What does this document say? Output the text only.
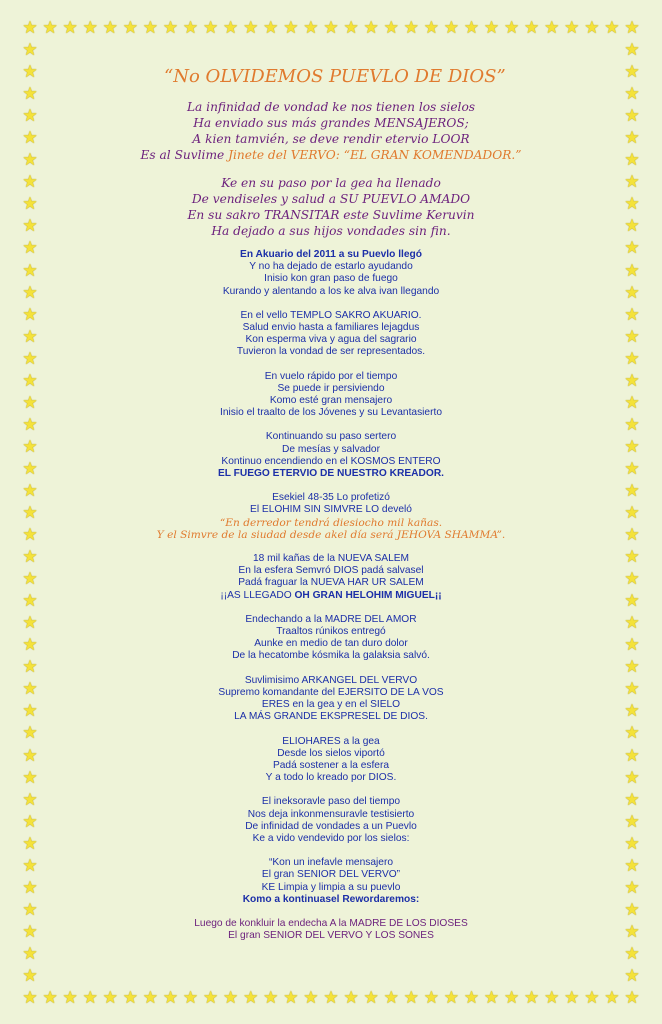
★
★
★
★
★
★
★
★
★
★
★
★
★
★
★
★
★
★
★
★
★
★
★
★
★
★
★
★
★
★
★
★
★
★
★
★
★
★
★
★
★
★
★
★
★
★
★
★
★
★
★
★
★
★
★
★
★
★
★
★
★
★
★	★
★	★
★	★
★	★
★	★
★	★
★	★
★	★
★	★
★	★
★	★
★	★
★	★
★	★
★	★
★	★
★	★
★	★
★	★
★	★
★	★
★	★
★	★
★	★
★	★
★	★
★	★
★	★
★	★
★	★
★	★
★	★
★	★
★	★
★	★
★	★
★	★
★	★
★	★
★	★
★	★
★	★
★	★
“No OLVIDEMOS PUEVLO DE DIOS”
La infinidad de vondad ke nos tienen los sielos
Ha enviado sus más grandes MENSAJEROS;
A kien tamvién, se deve rendir etervio LOOR
Es al Suvlime Jinete del VERVO: “EL GRAN KOMENDADOR.”
Ke en su paso por la gea ha llenado
De vendiseles y salud a SU PUEVLO AMADO
En su sakro TRANSITAR este Suvlime Keruvin
Ha dejado a sus hijos vondades sin fin.
En Akuario del 2011 a su Puevlo llegó
Y no ha dejado de estarlo ayudando
Inisio kon gran paso de fuego
Kurando y alentando a los ke alva ivan llegando
En el vello TEMPLO SAKRO AKUARIO.
Salud envio hasta a familiares lejagdus
Kon esperma viva y agua del sagrario
Tuvieron la vondad de ser representados.
En vuelo rápido por el tiempo
Se puede ir persiviendo
Komo esté gran mensajero
Inisio el traalto de los Jóvenes y su Levantasierto
Kontinuando su paso sertero
De mesías y salvador
Kontinuo encendiendo en el KOSMOS ENTERO
EL FUEGO ETERVIO DE NUESTRO KREADOR.
Esekiel 48-35 Lo profetizó
El ELOHIM SIN SIMVRE LO develó
“En derredor tendrá diesiocho mil kañas.
Y el Simvre de la siudad desde akel día será JEHOVA SHAMMA”.
18 mil kañas de la NUEVA SALEM
En la esfera Semvró DIOS padá salvasel
Padá fraguar la NUEVA HAR UR SALEM
¡¡AS LLEGADO OH GRAN HELOHIM MIGUEL¡¡
Endechando a la MADRE DEL AMOR
Traaltos rúnikos entregó
Aunke en medio de tan duro dolor
De la hecatombe kósmika la galaksia salvó.
Suvlimisimo ARKANGEL DEL VERVO
Supremo komandante del EJERSITO DE LA VOS
ERES en la gea y en el SIELO
LA MÁS GRANDE EKSPRESEL DE DIOS.
ELIOHARES a la gea
Desde los sielos viportó
Padá sostener a la esfera
Y a todo lo kreado por DIOS.
El ineksoravle paso del tiempo
Nos deja inkonmensuravle testisierto
De infinidad de vondades a un Puevlo
Ke a vido vendevido por los sielos:
“Kon un inefavle mensajero
El gran SENIOR DEL VERVO”
KE Limpia y limpia a su puevlo
Komo a kontinuasel Rewordaremos:
Luego de konkluir la endecha A la MADRE DE LOS DIOSES
El gran SENIOR DEL VERVO Y LOS SONES
